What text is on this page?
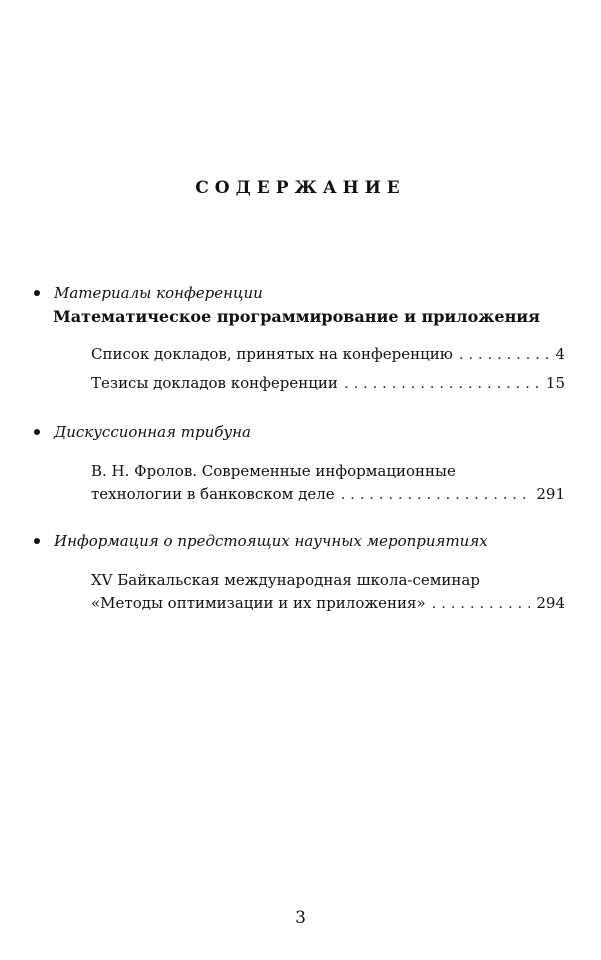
СОДЕРЖАНИЕ
Материалы конференции
Математическое программирование и приложения
Список докладов, принятых на конференцию . . .	4
Тезисы докладов конференции . . .	15
Дискуссионная трибуна
В. Н. Фролов. Современные информационные
технологии в банковском деле . . .	291
Информация о предстоящих научных мероприятиях
XV Байкальская международная школа-семинар
«Методы оптимизации и их приложения» . . .	294
3
